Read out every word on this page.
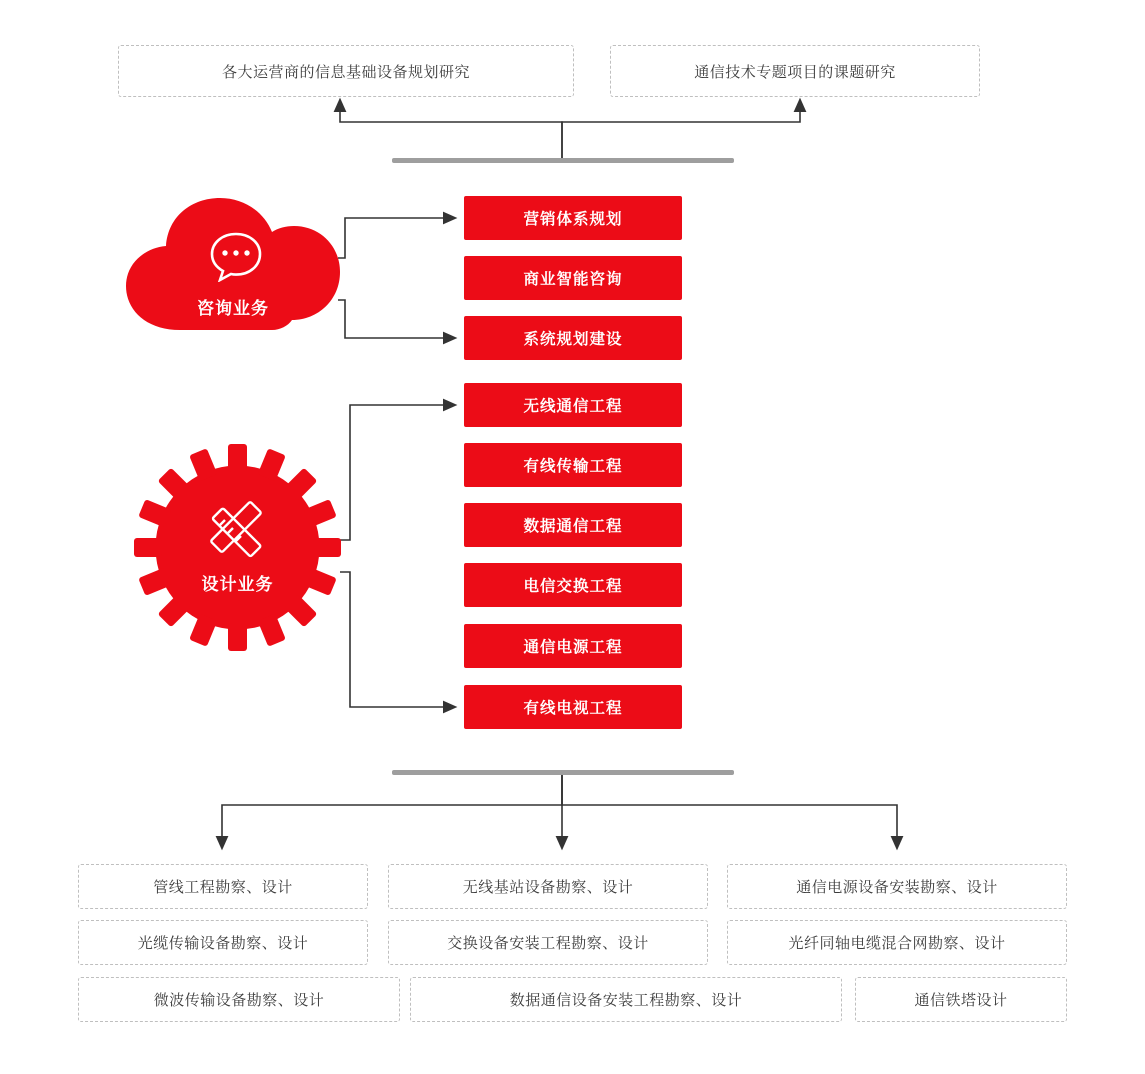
各大运营商的信息基础设备规划研究	通信技术专题项目的课题研究
咨询业务
营销体系规划
商业智能咨询
系统规划建设
设计业务
无线通信工程
有线传输工程
数据通信工程
电信交换工程
通信电源工程
有线电视工程
管线工程勘察、设计
光缆传输设备勘察、设计
微波传输设备勘察、设计
无线基站设备勘察、设计
交换设备安装工程勘察、设计
数据通信设备安装工程勘察、设计
通信电源设备安装勘察、设计
光纤同轴电缆混合网勘察、设计
通信铁塔设计
